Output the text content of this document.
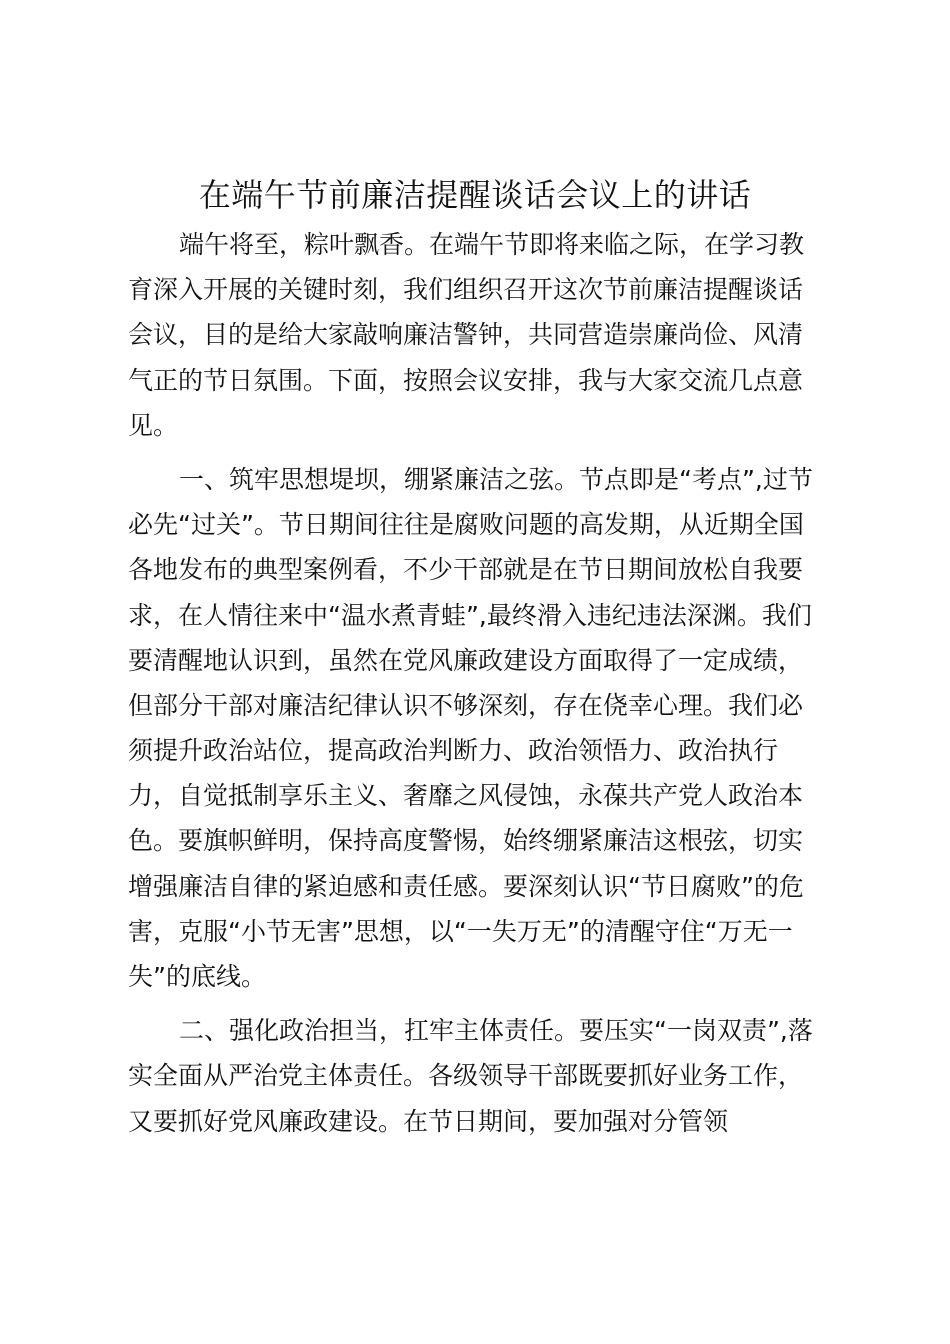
在端午节前廉洁提醒谈话会议上的讲话
端午将至，粽叶飘香。在端午节即将来临之际，在学习教
育深入开展的关键时刻，我们组织召开这次节前廉洁提醒谈话
会议，目的是给大家敲响廉洁警钟，共同营造崇廉尚俭、风清
气正的节日氛围。下面，按照会议安排，我与大家交流几点意
见。
一、筑牢思想堤坝，绷紧廉洁之弦。节点即是“考点”,过节
必先“过关”。节日期间往往是腐败问题的高发期，从近期全国
各地发布的典型案例看，不少干部就是在节日期间放松自我要
求，在人情往来中“温水煮青蛙”,最终滑入违纪违法深渊。我们
要清醒地认识到，虽然在党风廉政建设方面取得了一定成绩，
但部分干部对廉洁纪律认识不够深刻，存在侥幸心理。我们必
须提升政治站位，提高政治判断力、政治领悟力、政治执行
力，自觉抵制享乐主义、奢靡之风侵蚀，永葆共产党人政治本
色。要旗帜鲜明，保持高度警惕，始终绷紧廉洁这根弦，切实
增强廉洁自律的紧迫感和责任感。要深刻认识“节日腐败”的危
害，克服“小节无害”思想，以“一失万无”的清醒守住“万无一
失”的底线。
二、强化政治担当，扛牢主体责任。要压实“一岗双责”,落
实全面从严治党主体责任。各级领导干部既要抓好业务工作，
又要抓好党风廉政建设。在节日期间，要加强对分管领
